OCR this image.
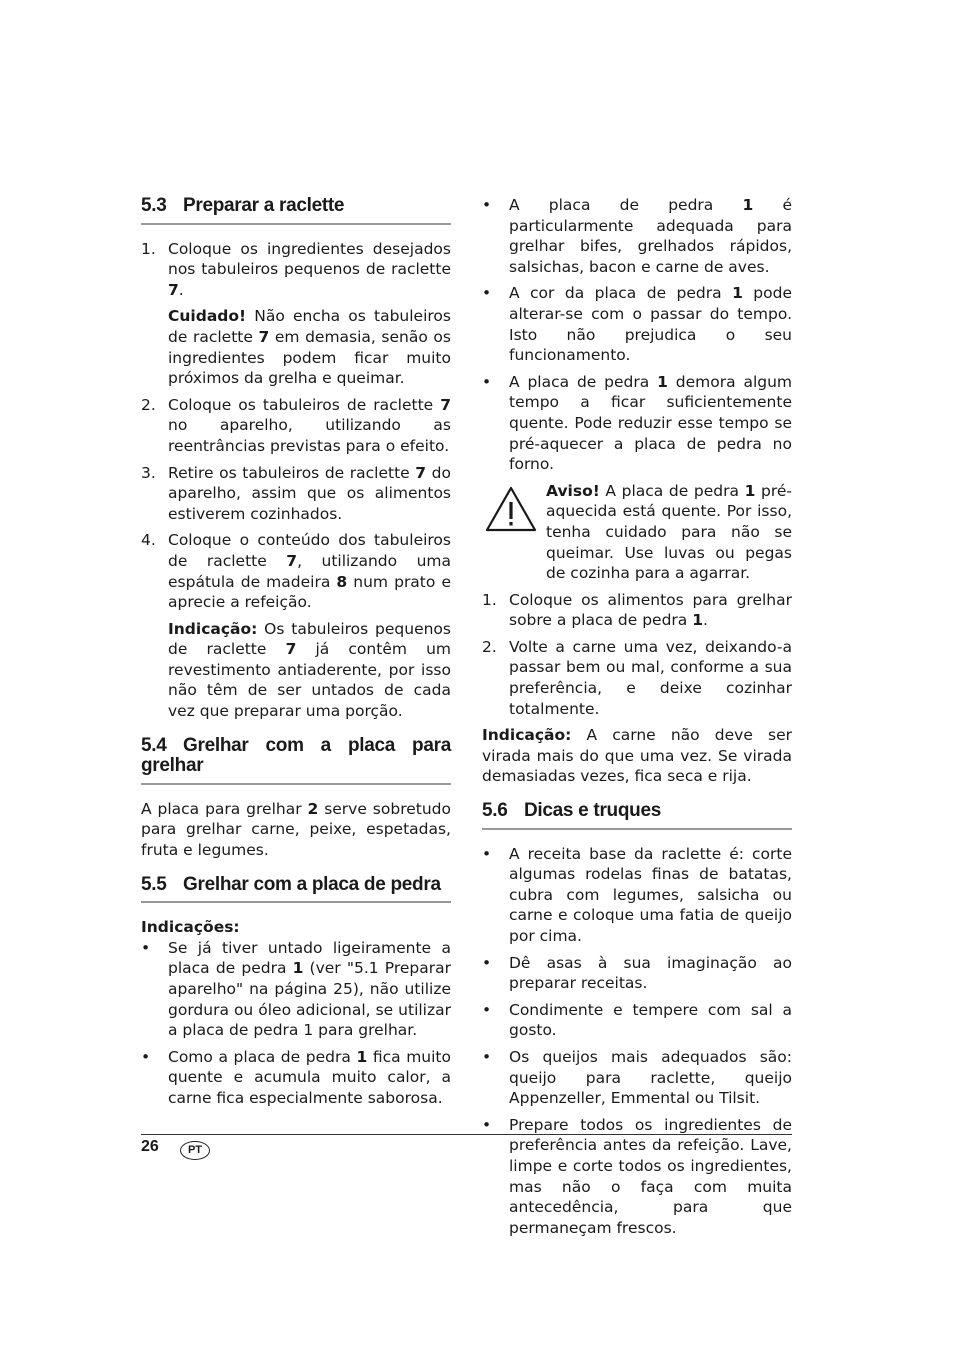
5.3 Preparar a raclette
1. Coloque os ingredientes desejados nos tabuleiros pequenos de raclette 7.

Cuidado! Não encha os tabuleiros de raclette 7 em demasia, senão os ingredientes podem ficar muito próximos da grelha e queimar.

2. Coloque os tabuleiros de raclette 7 no aparelho, utilizando as reentrâncias previstas para o efeito.

3. Retire os tabuleiros de raclette 7 do aparelho, assim que os alimentos estiverem cozinhados.

4. Coloque o conteúdo dos tabuleiros de raclette 7, utilizando uma espátula de madeira 8 num prato e aprecie a refeição.

Indicação: Os tabuleiros pequenos de raclette 7 já contêm um revestimento antiaderente, por isso não têm de ser untados de cada vez que preparar uma porção.

5.4 Grelhar com a placa para grelhar

A placa para grelhar 2 serve sobretudo para grelhar carne, peixe, espetadas, fruta e legumes.

5.5 Grelhar com a placa de pedra

Indicações:

• Se já tiver untado ligeiramente a placa de pedra 1 (ver "5.1 Preparar aparelho" na página 25), não utilize gordura ou óleo adicional, se utilizar a placa de pedra 1 para grelhar.
• Como a placa de pedra 1 fica muito quente e acumula muito calor, a carne fica especialmente saborosa.
• A placa de pedra 1 é particularmente adequada para grelhar bifes, grelhados rápidos, salsichas, bacon e carne de aves.
• A cor da placa de pedra 1 pode alterar-se com o passar do tempo. Isto não prejudica o seu funcionamento.
• A placa de pedra 1 demora algum tempo a ficar suficientemente quente. Pode reduzir esse tempo se pré-aquecer a placa de pedra no forno.
Aviso! A placa de pedra 1 pré-aquecida está quente. Por isso, tenha cuidado para não se queimar. Use luvas ou pegas de cozinha para a agarrar.
1. Coloque os alimentos para grelhar sobre a placa de pedra 1.
2. Volte a carne uma vez, deixando-a passar bem ou mal, conforme a sua preferência, e deixe cozinhar totalmente.

Indicação: A carne não deve ser virada mais do que uma vez. Se virada demasiadas vezes, fica seca e rija.

5.6 Dicas e truques
• A receita base da raclette é: corte algumas rodelas finas de batatas, cubra com legumes, salsicha ou carne e coloque uma fatia de queijo por cima.
• Dê asas à sua imaginação ao preparar receitas.
• Condimente e tempere com sal a gosto.
• Os queijos mais adequados são: queijo para raclette, queijo Appenzeller, Emmental ou Tilsit.
• Prepare todos os ingredientes de preferência antes da refeição. Lave, limpe e corte todos os ingredientes, mas não o faça com muita antecedência, para que permaneçam frescos.
26	PT
